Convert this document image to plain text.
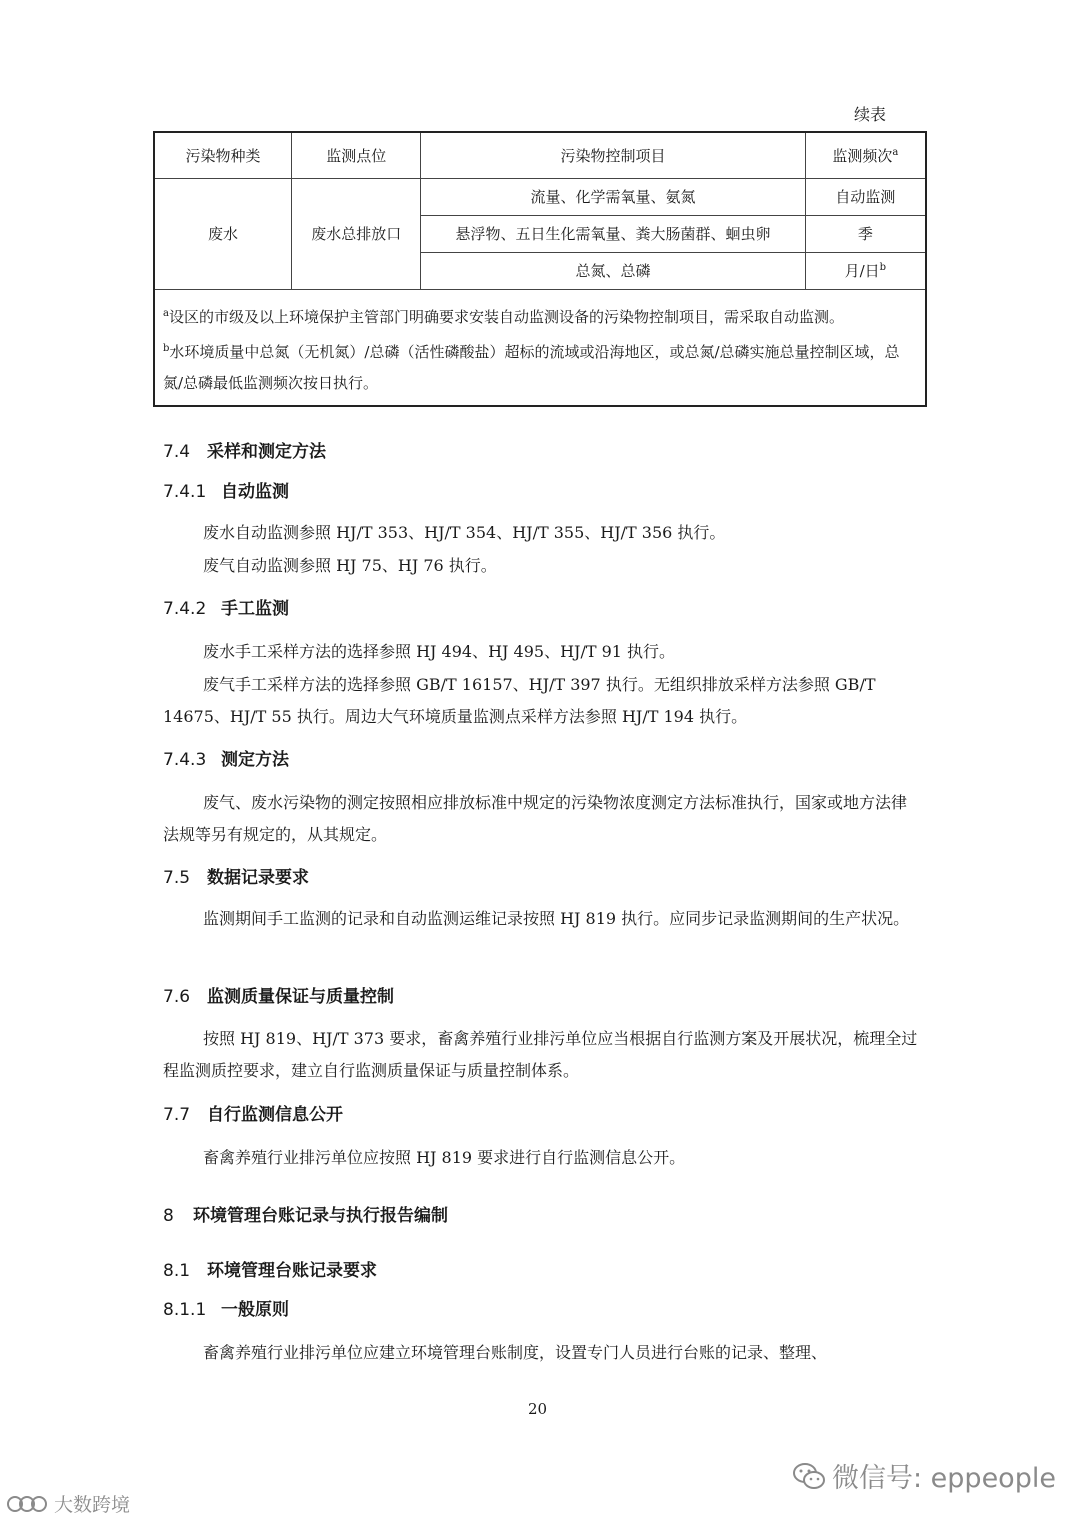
续表
污染物种类	监测点位	污染物控制项目	监测频次$^a$
废水	废水总排放口	流量、化学需氧量、氨氮	自动监测
		悬浮物、五日生化需氧量、粪大肠菌群、蛔虫卵	季
		总氮、总磷	月/日$^b$

$^a$设区的市级及以上环境保护主管部门明确要求安装自动监测设备的污染物控制项目，需采取自动监测。
$^b$水环境质量中总氮（无机氮）/总磷（活性磷酸盐）超标的流域或沿海地区，或总氮/总磷实施总量控制区域，总氮/总磷最低监测频次按日执行。			
7.4 采样和测定方法
7.4.1 自动监测
废水自动监测参照 HJ/T 353、HJ/T 354、HJ/T 355、HJ/T 356 执行。
废气自动监测参照 HJ 75、HJ 76 执行。
7.4.2 手工监测
废水手工采样方法的选择参照 HJ 494、HJ 495、HJ/T 91 执行。
废气手工采样方法的选择参照 GB/T 16157、HJ/T 397 执行。无组织排放采样方法参照 GB/T 14675、HJ/T 55 执行。周边大气环境质量监测点采样方法参照 HJ/T 194 执行。
7.4.3 测定方法
废气、废水污染物的测定按照相应排放标准中规定的污染物浓度测定方法标准执行，国家或地方法律法规等另有规定的，从其规定。
7.5 数据记录要求
监测期间手工监测的记录和自动监测运维记录按照 HJ 819 执行。应同步记录监测期间的生产状况。
7.6 监测质量保证与质量控制
按照 HJ 819、HJ/T 373 要求，畜禽养殖行业排污单位应当根据自行监测方案及开展状况，梳理全过程监测质控要求，建立自行监测质量保证与质量控制体系。
7.7 自行监测信息公开
畜禽养殖行业排污单位应按照 HJ 819 要求进行自行监测信息公开。
8 环境管理台账记录与执行报告编制
8.1 环境管理台账记录要求
8.1.1 一般原则
畜禽养殖行业排污单位应建立环境管理台账制度，设置专门人员进行台账的记录、整理、
20
微信号: eppeople
大数跨境
